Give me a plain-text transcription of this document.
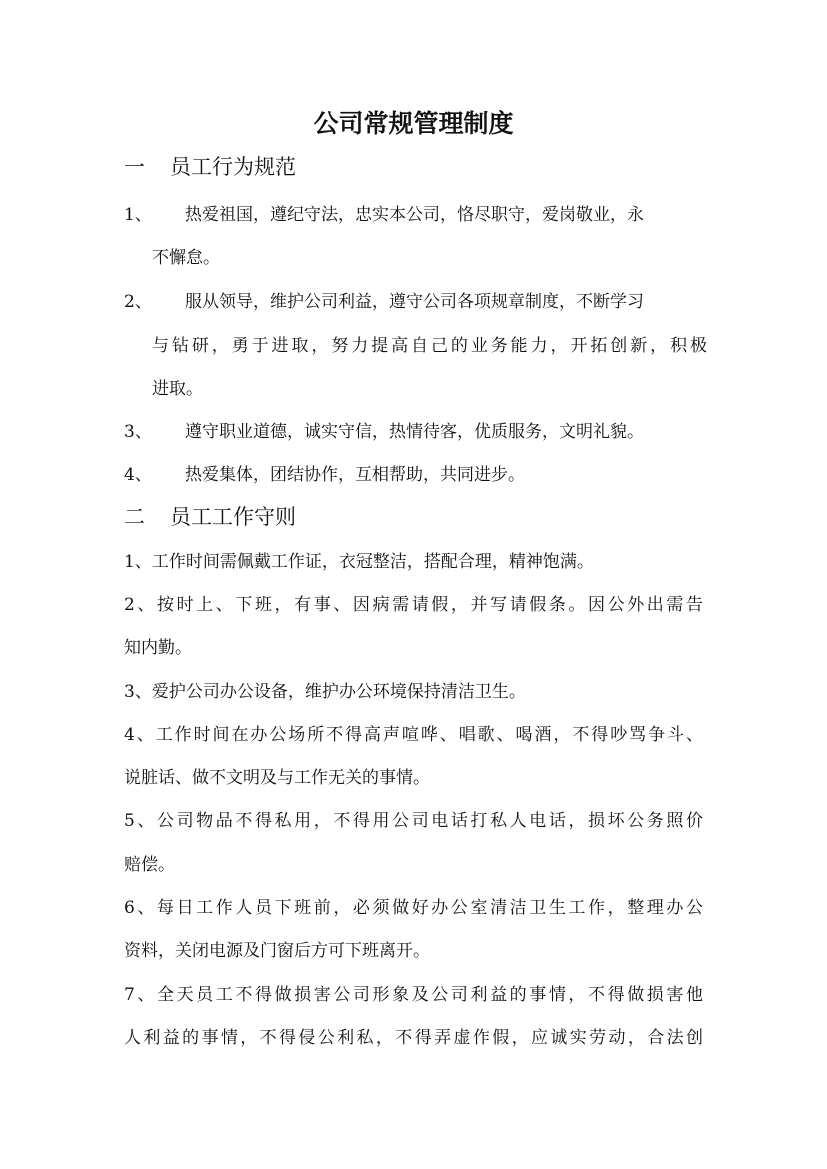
公司常规管理制度
一 员工行为规范
1、 热爱祖国，遵纪守法，忠实本公司，恪尽职守，爱岗敬业，永
不懈怠。
2、 服从领导，维护公司利益，遵守公司各项规章制度，不断学习
与钻研，勇于进取，努力提高自己的业务能力，开拓创新，积极
进取。
3、 遵守职业道德，诚实守信，热情待客，优质服务，文明礼貌。
4、 热爱集体，团结协作，互相帮助，共同进步。
二 员工工作守则
1、工作时间需佩戴工作证，衣冠整洁，搭配合理，精神饱满。
2、按时上、下班，有事、因病需请假，并写请假条。因公外出需告
知内勤。
3、爱护公司办公设备，维护办公环境保持清洁卫生。
4、工作时间在办公场所不得高声喧哗、唱歌、喝酒，不得吵骂争斗、
说脏话、做不文明及与工作无关的事情。
5、公司物品不得私用，不得用公司电话打私人电话，损坏公务照价
赔偿。
6、每日工作人员下班前，必须做好办公室清洁卫生工作，整理办公
资料，关闭电源及门窗后方可下班离开。
7、全天员工不得做损害公司形象及公司利益的事情，不得做损害他
人利益的事情，不得侵公利私，不得弄虚作假，应诚实劳动，合法创
